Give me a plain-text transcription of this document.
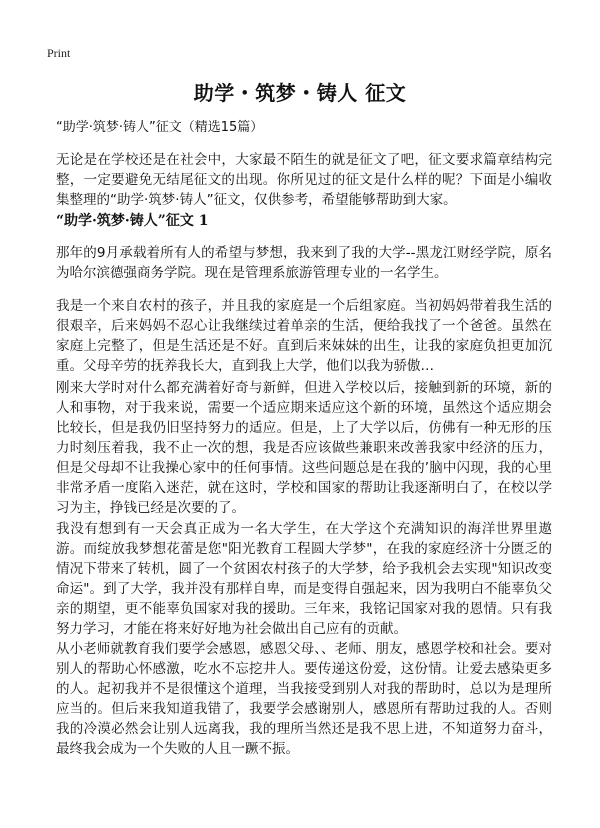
Print
助学・筑梦・铸人 征文
“助学·筑梦·铸人”征文（精选15篇）

无论是在学校还是在社会中，大家最不陌生的就是征文了吧，征文要求篇章结构完整，一定要避免无结尾征文的出现。你所见过的征文是什么样的呢？下面是小编收集整理的“助学·筑梦·铸人”征文，仅供参考，希望能够帮助到大家。

“助学·筑梦·铸人”征文 1

那年的9月承载着所有人的希望与梦想，我来到了我的大学--黑龙江财经学院，原名为哈尔滨德强商务学院。现在是管理系旅游管理专业的一名学生。

我是一个来自农村的孩子，并且我的家庭是一个后组家庭。当初妈妈带着我生活的很艰辛，后来妈妈不忍心让我继续过着单亲的生活，便给我找了一个爸爸。虽然在家庭上完整了，但是生活还是不好。直到后来妹妹的出生，让我的家庭负担更加沉重。父母辛劳的抚养我长大，直到我上大学，他们以我为骄傲…

刚来大学时对什么都充满着好奇与新鲜，但进入学校以后，接触到新的环境，新的人和事物，对于我来说，需要一个适应期来适应这个新的环境，虽然这个适应期会比较长，但是我仍旧坚持努力的适应。但是，上了大学以后，仿佛有一种无形的压力时刻压着我，我不止一次的想，我是否应该做些兼职来改善我家中经济的压力，但是父母却不让我操心家中的任何事情。这些问题总是在我的’脑中闪现，我的心里非常矛盾一度陷入迷茫，就在这时，学校和国家的帮助让我逐渐明白了，在校以学习为主，挣钱已经是次要的了。

我没有想到有一天会真正成为一名大学生，在大学这个充满知识的海洋世界里遨游。而绽放我梦想花蕾是您"阳光教育工程圆大学梦"，在我的家庭经济十分匮乏的情况下带来了转机，圆了一个贫困农村孩子的大学梦，给予我机会去实现"知识改变命运"。到了大学，我并没有那样自卑，而是变得自强起来，因为我明白不能辜负父亲的期望，更不能辜负国家对我的援助。三年来，我铭记国家对我的恩情。只有我努力学习，才能在将来好好地为社会做出自己应有的贡献。

从小老师就教育我们要学会感恩，感恩父母、、老师、朋友，感恩学校和社会。要对别人的帮助心怀感激，吃水不忘挖井人。要传递这份爱，这份情。让爱去感染更多的人。起初我并不是很懂这个道理，当我接受到别人对我的帮助时，总以为是理所应当的。但后来我知道我错了，我要学会感谢别人，感恩所有帮助过我的人。否则我的冷漠必然会让别人远离我，我的理所当然还是我不思上进，不知道努力奋斗，最终我会成为一个失败的人且一蹶不振。
